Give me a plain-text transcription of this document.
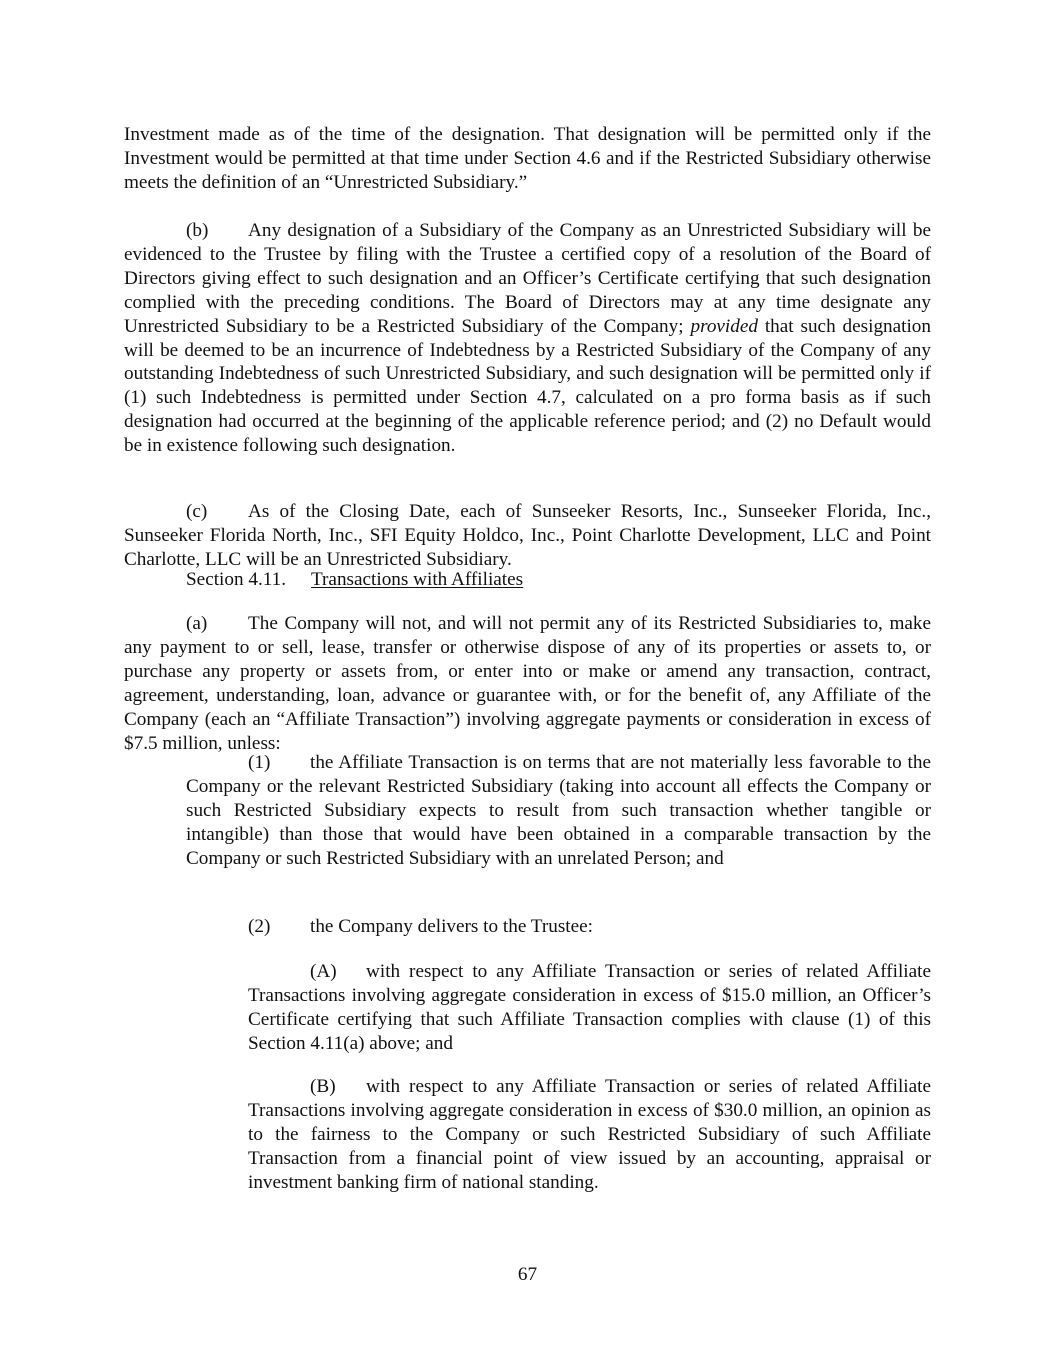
Investment made as of the time of the designation. That designation will be permitted only if the Investment would be permitted at that time under Section 4.6 and if the Restricted Subsidiary otherwise meets the definition of an “Unrestricted Subsidiary.”

(b) Any designation of a Subsidiary of the Company as an Unrestricted Subsidiary will be evidenced to the Trustee by filing with the Trustee a certified copy of a resolution of the Board of Directors giving effect to such designation and an Officer’s Certificate certifying that such designation complied with the preceding conditions. The Board of Directors may at any time designate any Unrestricted Subsidiary to be a Restricted Subsidiary of the Company; provided that such designation will be deemed to be an incurrence of Indebtedness by a Restricted Subsidiary of the Company of any outstanding Indebtedness of such Unrestricted Subsidiary, and such designation will be permitted only if (1) such Indebtedness is permitted under Section 4.7, calculated on a pro forma basis as if such designation had occurred at the beginning of the applicable reference period; and (2) no Default would be in existence following such designation.

(c) As of the Closing Date, each of Sunseeker Resorts, Inc., Sunseeker Florida, Inc., Sunseeker Florida North, Inc., SFI Equity Holdco, Inc., Point Charlotte Development, LLC and Point Charlotte, LLC will be an Unrestricted Subsidiary.

Section 4.11. Transactions with Affiliates

(a) The Company will not, and will not permit any of its Restricted Subsidiaries to, make any payment to or sell, lease, transfer or otherwise dispose of any of its properties or assets to, or purchase any property or assets from, or enter into or make or amend any transaction, contract, agreement, understanding, loan, advance or guarantee with, or for the benefit of, any Affiliate of the Company (each an “Affiliate Transaction”) involving aggregate payments or consideration in excess of $7.5 million, unless:

(1) the Affiliate Transaction is on terms that are not materially less favorable to the Company or the relevant Restricted Subsidiary (taking into account all effects the Company or such Restricted Subsidiary expects to result from such transaction whether tangible or intangible) than those that would have been obtained in a comparable transaction by the Company or such Restricted Subsidiary with an unrelated Person; and

(2) the Company delivers to the Trustee:

(A) with respect to any Affiliate Transaction or series of related Affiliate Transactions involving aggregate consideration in excess of $15.0 million, an Officer’s Certificate certifying that such Affiliate Transaction complies with clause (1) of this Section 4.11(a) above; and

(B) with respect to any Affiliate Transaction or series of related Affiliate Transactions involving aggregate consideration in excess of $30.0 million, an opinion as to the fairness to the Company or such Restricted Subsidiary of such Affiliate Transaction from a financial point of view issued by an accounting, appraisal or investment banking firm of national standing.

67
